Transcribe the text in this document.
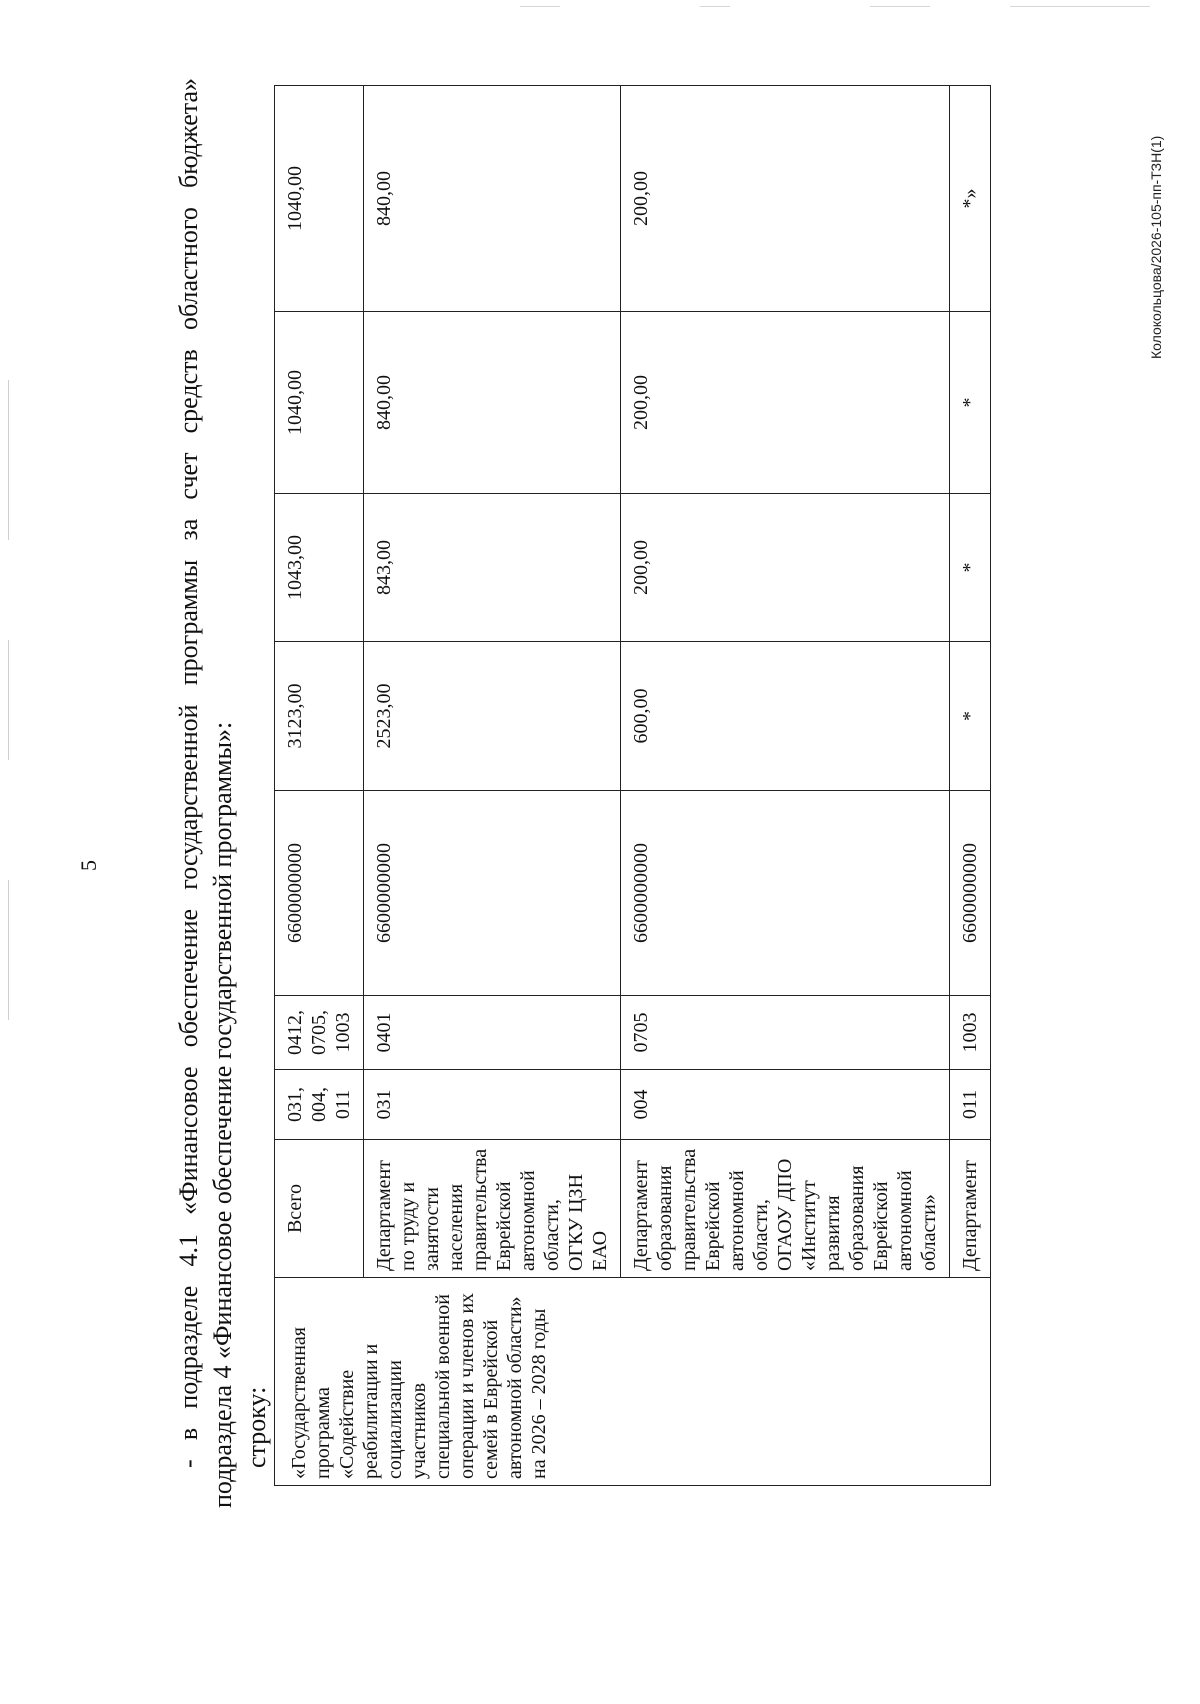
5	- в подразделе 4.1 «Финансовое обеспечение государственной программы за счет средств областного бюджета» подраздела 4 «Финансовое обеспечение государственной программы»: строку: «Государственная программа «Содействие реабилитации и социализации участников специальной военной операции и членов их семей в Еврейской автономной области» на 2026 – 2028 годы	Всего	031, 004, 011	0412, 0705, 1003	6600000000	3123,00	1043,00	1040,00	1040,00
	Департамент по труду и занятости населения правительства Еврейской автономной области, ОГКУ ЦЗН ЕАО	031	0401	6600000000	2523,00	843,00	840,00	840,00
	Департамент образования правительства Еврейской автономной области, ОГАОУ ДПО «Институт развития образования Еврейской автономной области»	004	0705	6600000000	600,00	200,00	200,00	200,00
	Департамент	011	1003	6600000000	*	*	*	*»	Колокольцова/2026-105-пп-ТЗН(1)
